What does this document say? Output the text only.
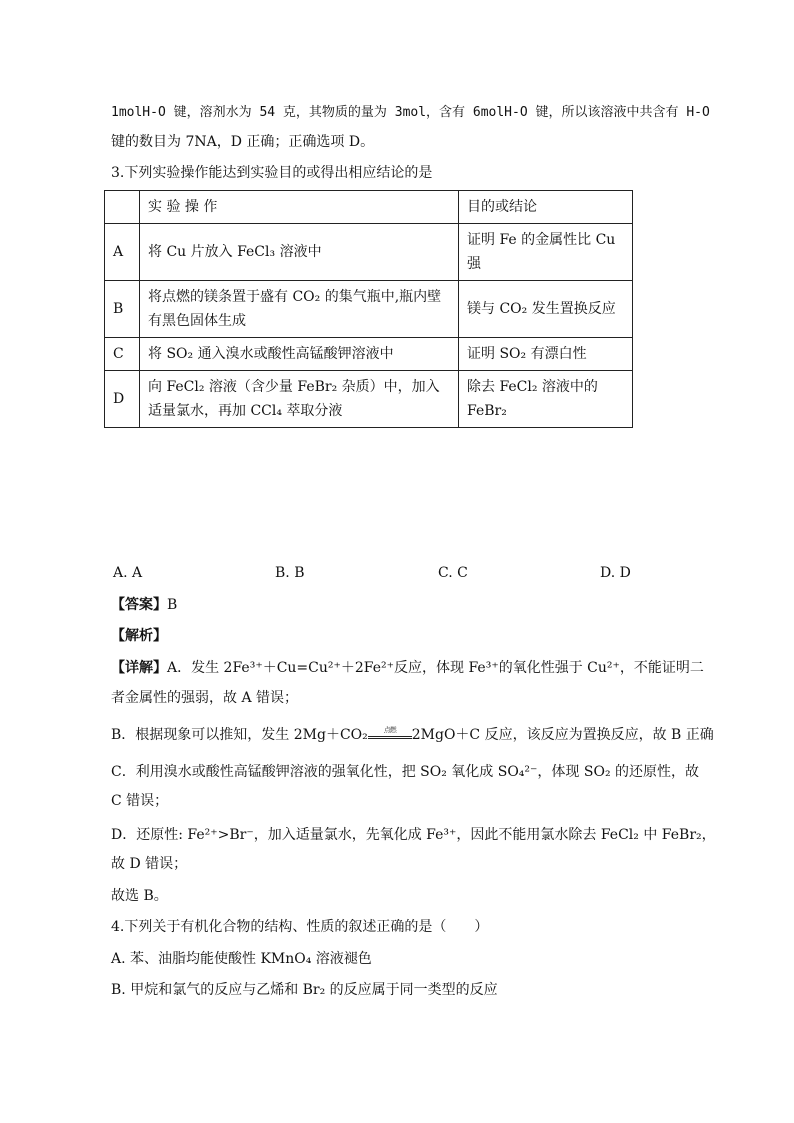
1molH-O 键，溶剂水为 54 克，其物质的量为 3mol，含有 6molH-O 键，所以该溶液中共含有 H-O
键的数目为 7NA，D 正确；正确选项 D。
3.下列实验操作能达到实验目的或得出相应结论的是
	实 验 操 作	目的或结论
A	将 Cu 片放入 FeCl₃ 溶液中	证明 Fe 的金属性比 Cu 强
B	将点燃的镁条置于盛有 CO₂ 的集气瓶中,瓶内壁有黑色固体生成	镁与 CO₂ 发生置换反应
C	将 SO₂ 通入溴水或酸性高锰酸钾溶液中	证明 SO₂ 有漂白性
D	向 FeCl₂ 溶液（含少量 FeBr₂ 杂质）中，加入适量氯水，再加 CCl₄ 萃取分液	除去 FeCl₂ 溶液中的 FeBr₂
A. A	B. B	C. C	D. D
【答案】B
【解析】
【详解】A．发生 2Fe³⁺＋Cu=Cu²⁺＋2Fe²⁺反应，体现 Fe³⁺的氧化性强于 Cu²⁺，不能证明二
者金属性的强弱，故 A 错误；
B．根据现象可以推知，发生 2Mg＋CO₂	点燃	2MgO＋C 反应，该反应为置换反应，故 B 正确
C．利用溴水或酸性高锰酸钾溶液的强氧化性，把 SO₂ 氧化成 SO₄²⁻，体现 SO₂ 的还原性，故
C 错误；
D．还原性: Fe²⁺>Br⁻，加入适量氯水，先氧化成 Fe³⁺，因此不能用氯水除去 FeCl₂ 中 FeBr₂，
故 D 错误；
故选 B。
4.下列关于有机化合物的结构、性质的叙述正确的是（　　）
A. 苯、油脂均能使酸性 KMnO₄ 溶液褪色
B. 甲烷和氯气的反应与乙烯和 Br₂ 的反应属于同一类型的反应
